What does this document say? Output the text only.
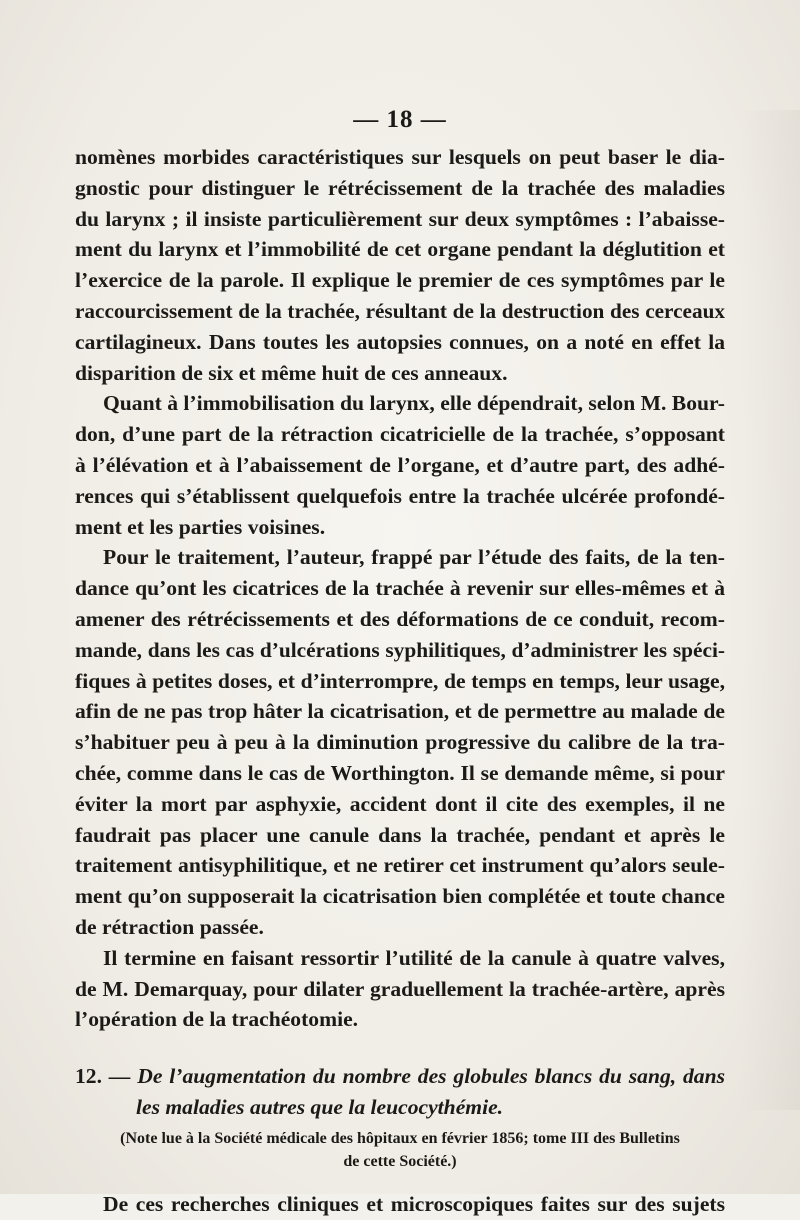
— 18 —
nomènes morbides caractéristiques sur lesquels on peut baser le dia-
gnostic pour distinguer le rétrécissement de la trachée des maladies
du larynx ; il insiste particulièrement sur deux symptômes : l’abaisse-
ment du larynx et l’immobilité de cet organe pendant la déglutition et
l’exercice de la parole. Il explique le premier de ces symptômes par le
raccourcissement de la trachée, résultant de la destruction des cerceaux
cartilagineux. Dans toutes les autopsies connues, on a noté en effet la
disparition de six et même huit de ces anneaux.
Quant à l’immobilisation du larynx, elle dépendrait, selon M. Bour-
don, d’une part de la rétraction cicatricielle de la trachée, s’opposant
à l’élévation et à l’abaissement de l’organe, et d’autre part, des adhé-
rences qui s’établissent quelquefois entre la trachée ulcérée profondé-
ment et les parties voisines.
Pour le traitement, l’auteur, frappé par l’étude des faits, de la ten-
dance qu’ont les cicatrices de la trachée à revenir sur elles-mêmes et à
amener des rétrécissements et des déformations de ce conduit, recom-
mande, dans les cas d’ulcérations syphilitiques, d’administrer les spéci-
fiques à petites doses, et d’interrompre, de temps en temps, leur usage,
afin de ne pas trop hâter la cicatrisation, et de permettre au malade de
s’habituer peu à peu à la diminution progressive du calibre de la tra-
chée, comme dans le cas de Worthington. Il se demande même, si pour
éviter la mort par asphyxie, accident dont il cite des exemples, il ne
faudrait pas placer une canule dans la trachée, pendant et après le
traitement antisyphilitique, et ne retirer cet instrument qu’alors seule-
ment qu’on supposerait la cicatrisation bien complétée et toute chance
de rétraction passée.
Il termine en faisant ressortir l’utilité de la canule à quatre valves,
de M. Demarquay, pour dilater graduellement la trachée-artère, après
l’opération de la trachéotomie.
12. — De l’augmentation du nombre des globules blancs du sang, dans
les maladies autres que la leucocythémie.
(Note lue à la Société médicale des hôpitaux en février 1856; tome III des Bulletins
de cette Société.)
De ces recherches cliniques et microscopiques faites sur des sujets
